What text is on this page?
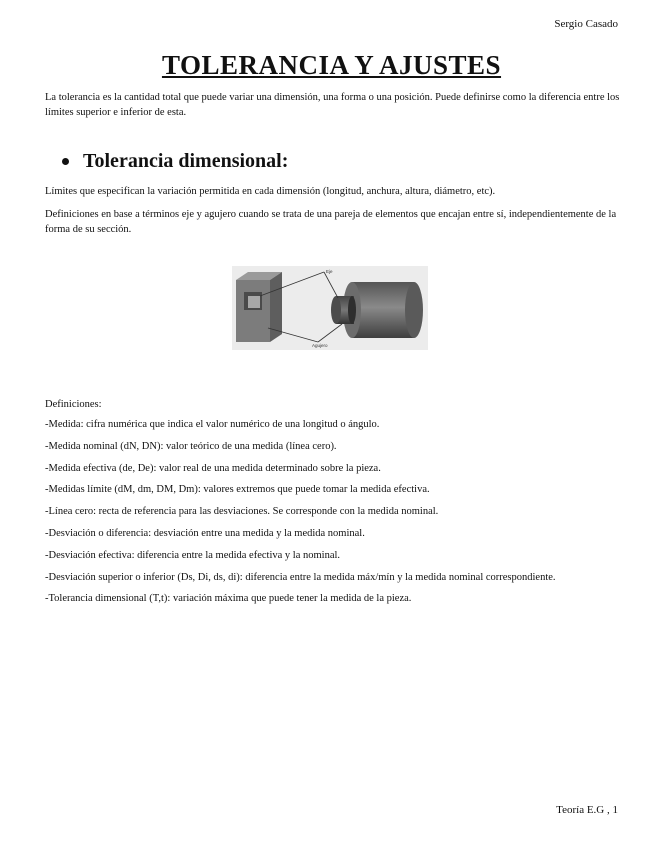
Sergio Casado
TOLERANCIA Y AJUSTES

La tolerancia es la cantidad total que puede variar una dimensión, una forma o una posición. Puede definirse como la diferencia entre los límites superior e inferior de esta.

Tolerancia dimensional:

Límites que especifican la variación permitida en cada dimensión (longitud, anchura, altura, diámetro, etc).

Definiciones en base a términos eje y agujero cuando se trata de una pareja de elementos que encajan entre sí, independientemente de la forma de su sección.

Eje
Agujero

Definiciones:

-Medida: cifra numérica que indica el valor numérico de una longitud o ángulo.
-Medida nominal (dN, DN): valor teórico de una medida (línea cero).
-Medida efectiva (de, De): valor real de una medida determinado sobre la pieza.
-Medidas límite (dM, dm, DM, Dm): valores extremos que puede tomar la medida efectiva.
-Línea cero: recta de referencia para las desviaciones. Se corresponde con la medida nominal.
-Desviación o diferencia: desviación entre una medida y la medida nominal.
-Desviación efectiva: diferencia entre la medida efectiva y la nominal.
-Desviación superior o inferior (Ds, Di, ds, di): diferencia entre la medida máx/mín y la medida nominal correspondiente.
-Tolerancia dimensional (T,t): variación máxima que puede tener la medida de la pieza.
Teoría E.G , 1
